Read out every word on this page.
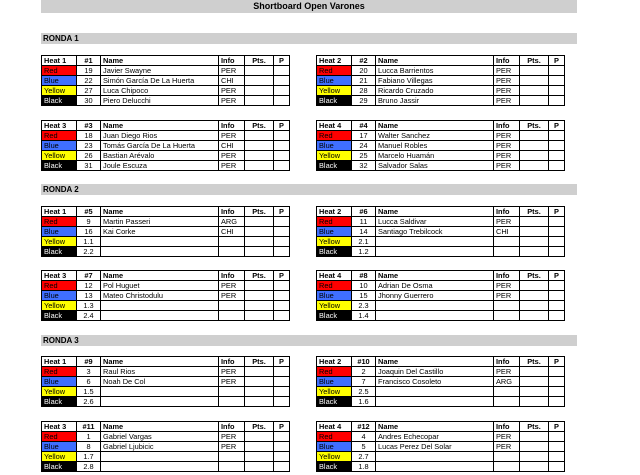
Shortboard Open Varones
RONDA 1
Heat 1	#1	Name	Info	Pts.	P
Red	19	Javier Swayne	PER		
Blue	22	Simón García De La Huerta	CHI		
Yellow	27	Luca Chipoco	PER		
Black	30	Piero Delucchi	PER		
Heat 2	#2	Name	Info	Pts.	P
Red	20	Lucca Barrientos	PER		
Blue	21	Fabiano Villegas	PER		
Yellow	28	Ricardo Cruzado	PER		
Black	29	Bruno Jassir	PER		
Heat 3	#3	Name	Info	Pts.	P
Red	18	Juan Diego Rios	PER		
Blue	23	Tomás García De La Huerta	CHI		
Yellow	26	Bastian Arévalo	PER		
Black	31	Joule Escuza	PER		
Heat 4	#4	Name	Info	Pts.	P
Red	17	Walter Sanchez	PER		
Blue	24	Manuel Robles	PER		
Yellow	25	Marcelo Huamán	PER		
Black	32	Salvador Salas	PER		
RONDA 2
Heat 1	#5	Name	Info	Pts.	P
Red	9	Martin Passeri	ARG		
Blue	16	Kai Corke	CHI		
Yellow	1.1				
Black	2.2				
Heat 2	#6	Name	Info	Pts.	P
Red	11	Lucca Saldivar	PER		
Blue	14	Santiago Trebilcock	CHI		
Yellow	2.1				
Black	1.2				
Heat 3	#7	Name	Info	Pts.	P
Red	12	Pol Huguet	PER		
Blue	13	Mateo Christodulu	PER		
Yellow	1.3				
Black	2.4				
Heat 4	#8	Name	Info	Pts.	P
Red	10	Adrian De Osma	PER		
Blue	15	Jhonny Guerrero	PER		
Yellow	2.3				
Black	1.4				
RONDA 3
Heat 1	#9	Name	Info	Pts.	P
Red	3	Raul Rios	PER		
Blue	6	Noah De Col	PER		
Yellow	1.5				
Black	2.6				
Heat 2	#10	Name	Info	Pts.	P
Red	2	Joaquin Del Castillo	PER		
Blue	7	Francisco Cosoleto	ARG		
Yellow	2.5				
Black	1.6				
Heat 3	#11	Name	Info	Pts.	P
Red	1	Gabriel Vargas	PER		
Blue	8	Gabriel Ljubicic	PER		
Yellow	1.7				
Black	2.8				
Heat 4	#12	Name	Info	Pts.	P
Red	4	Andres Echecopar	PER		
Blue	5	Lucas Perez Del Solar	PER		
Yellow	2.7				
Black	1.8				
